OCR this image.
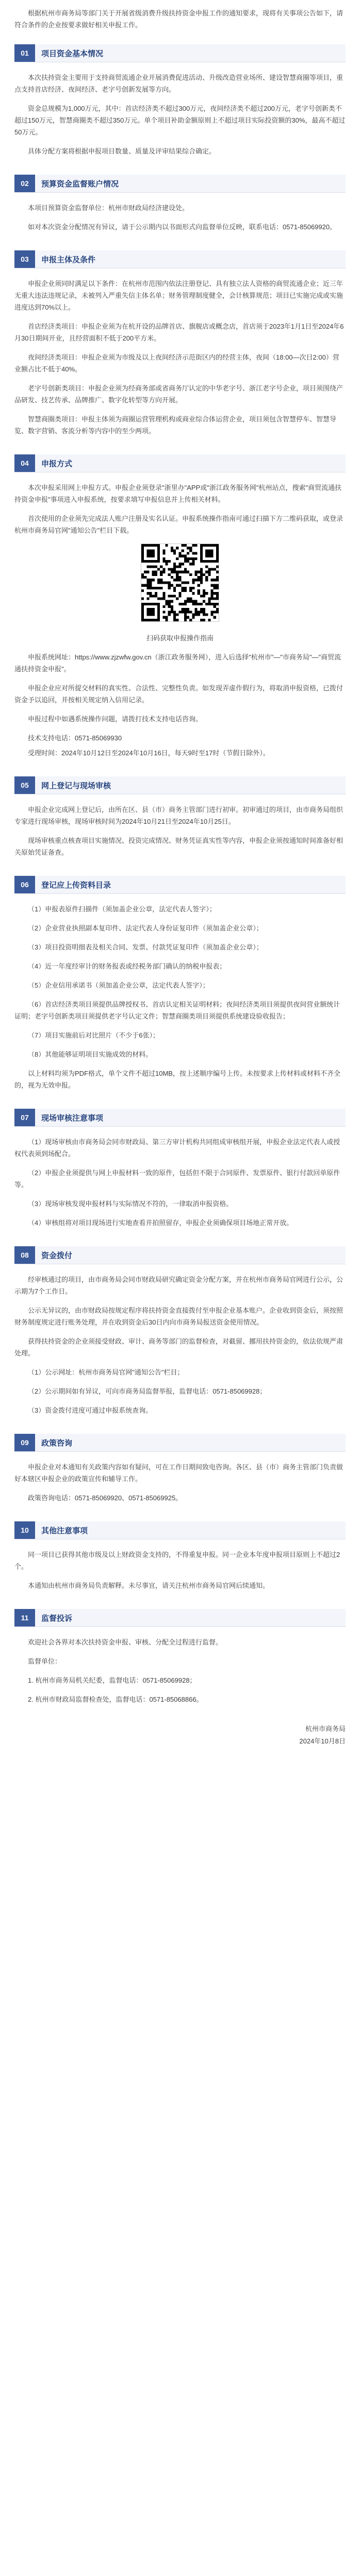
根据杭州市商务局等部门关于开展省级消费升级扶持资金申报工作的通知要求，现将有关事项公告如下，请符合条件的企业按要求做好相关申报工作。

01	项目资金基本情况

本次扶持资金主要用于支持商贸流通企业开展消费促进活动、升级改造营业场所、建设智慧商圈等项目，重点支持首店经济、夜间经济、老字号创新发展等方向。

资金总规模为1,000万元，其中：首店经济类不超过300万元，夜间经济类不超过200万元，老字号创新类不超过150万元，智慧商圈类不超过350万元。单个项目补助金额原则上不超过项目实际投资额的30%，最高不超过50万元。

具体分配方案将根据申报项目数量、质量及评审结果综合确定。

02	预算资金监督账户情况

本项目预算资金监督单位：杭州市财政局经济建设处。

如对本次资金分配情况有异议，请于公示期内以书面形式向监督单位反映，联系电话：0571-85069920。

03	申报主体及条件

申报企业须同时满足以下条件：在杭州市范围内依法注册登记、具有独立法人资格的商贸流通企业；近三年无重大违法违规记录，未被列入严重失信主体名单；财务管理制度健全，会计核算规范；项目已实施完成或实施进度达到70%以上。

首店经济类项目：申报企业须为在杭开设的品牌首店、旗舰店或概念店，首店须于2023年1月1日至2024年6月30日期间开业，且经营面积不低于200平方米。

夜间经济类项目：申报企业须为市级及以上夜间经济示范街区内的经营主体，夜间（18:00—次日2:00）营业额占比不低于40%。

老字号创新类项目：申报企业须为经商务部或省商务厅认定的中华老字号、浙江老字号企业，项目须围绕产品研发、技艺传承、品牌推广、数字化转型等方向开展。

智慧商圈类项目：申报主体须为商圈运营管理机构或商业综合体运营企业，项目须包含智慧停车、智慧导览、数字营销、客流分析等内容中的至少两项。

04	申报方式

本次申报采用网上申报方式。申报企业须登录"浙里办"APP或"浙江政务服务网"杭州站点，搜索"商贸流通扶持资金申报"事项进入申报系统，按要求填写申报信息并上传相关材料。

首次使用的企业须先完成法人账户注册及实名认证。申报系统操作指南可通过扫描下方二维码获取，或登录杭州市商务局官网"通知公告"栏目下载。

扫码获取申报操作指南

申报系统网址：https://www.zjzwfw.gov.cn（浙江政务服务网），进入后选择"杭州市"—"市商务局"—"商贸流通扶持资金申报"。

申报企业应对所提交材料的真实性、合法性、完整性负责。如发现弄虚作假行为，将取消申报资格，已拨付资金予以追回，并按相关规定纳入信用记录。

申报过程中如遇系统操作问题，请拨打技术支持电话咨询。

技术支持电话：0571-85069930

受理时间：2024年10月12日至2024年10月16日，每天9时至17时（节假日除外）。

05	网上登记与现场审核

申报企业完成网上登记后，由所在区、县（市）商务主管部门进行初审。初审通过的项目，由市商务局组织专家进行现场审核，现场审核时间为2024年10月21日至2024年10月25日。

现场审核重点核查项目实施情况、投资完成情况、财务凭证真实性等内容，申报企业须按通知时间准备好相关原始凭证备查。

06	登记应上传资料目录

（1）申报表原件扫描件（须加盖企业公章，法定代表人签字）；

（2）企业营业执照副本复印件、法定代表人身份证复印件（须加盖企业公章）；

（3）项目投资明细表及相关合同、发票、付款凭证复印件（须加盖企业公章）；

（4）近一年度经审计的财务报表或经税务部门确认的纳税申报表；

（5）企业信用承诺书（须加盖企业公章，法定代表人签字）；

（6）首店经济类项目须提供品牌授权书、首店认定相关证明材料；夜间经济类项目须提供夜间营业额统计证明；老字号创新类项目须提供老字号认定文件；智慧商圈类项目须提供系统建设验收报告；

（7）项目实施前后对比照片（不少于6张）；

（8）其他能够证明项目实施成效的材料。

以上材料均须为PDF格式，单个文件不超过10MB，按上述顺序编号上传。未按要求上传材料或材料不齐全的，视为无效申报。

07	现场审核注意事项

（1）现场审核由市商务局会同市财政局、第三方审计机构共同组成审核组开展，申报企业法定代表人或授权代表须到场配合。

（2）申报企业须提供与网上申报材料一致的原件，包括但不限于合同原件、发票原件、银行付款回单原件等。

（3）现场审核发现申报材料与实际情况不符的，一律取消申报资格。

（4）审核组将对项目现场进行实地查看并拍照留存，申报企业须确保项目场地正常开放。

08	资金拨付

经审核通过的项目，由市商务局会同市财政局研究确定资金分配方案，并在杭州市商务局官网进行公示，公示期为7个工作日。

公示无异议的，由市财政局按规定程序将扶持资金直接拨付至申报企业基本账户。企业收到资金后，须按照财务制度规定进行账务处理，并在收到资金后30日内向市商务局报送资金使用情况。

获得扶持资金的企业须接受财政、审计、商务等部门的监督检查，对截留、挪用扶持资金的，依法依规严肃处理。

（1）公示网址：杭州市商务局官网"通知公告"栏目；

（2）公示期间如有异议，可向市商务局监督举报，监督电话：0571-85069928；

（3）资金拨付进度可通过申报系统查询。

09	政策咨询

申报企业对本通知有关政策内容如有疑问，可在工作日期间致电咨询。各区、县（市）商务主管部门负责做好本辖区申报企业的政策宣传和辅导工作。

政策咨询电话：0571-85069920、0571-85069925。

10	其他注意事项

同一项目已获得其他市级及以上财政资金支持的，不得重复申报。同一企业本年度申报项目原则上不超过2个。

本通知由杭州市商务局负责解释。未尽事宜，请关注杭州市商务局官网后续通知。

11	监督投诉

欢迎社会各界对本次扶持资金申报、审核、分配全过程进行监督。

监督单位：

1. 杭州市商务局机关纪委，监督电话：0571-85069928；

2. 杭州市财政局监督检查处，监督电话：0571-85068866。

杭州市商务局
2024年10月8日
